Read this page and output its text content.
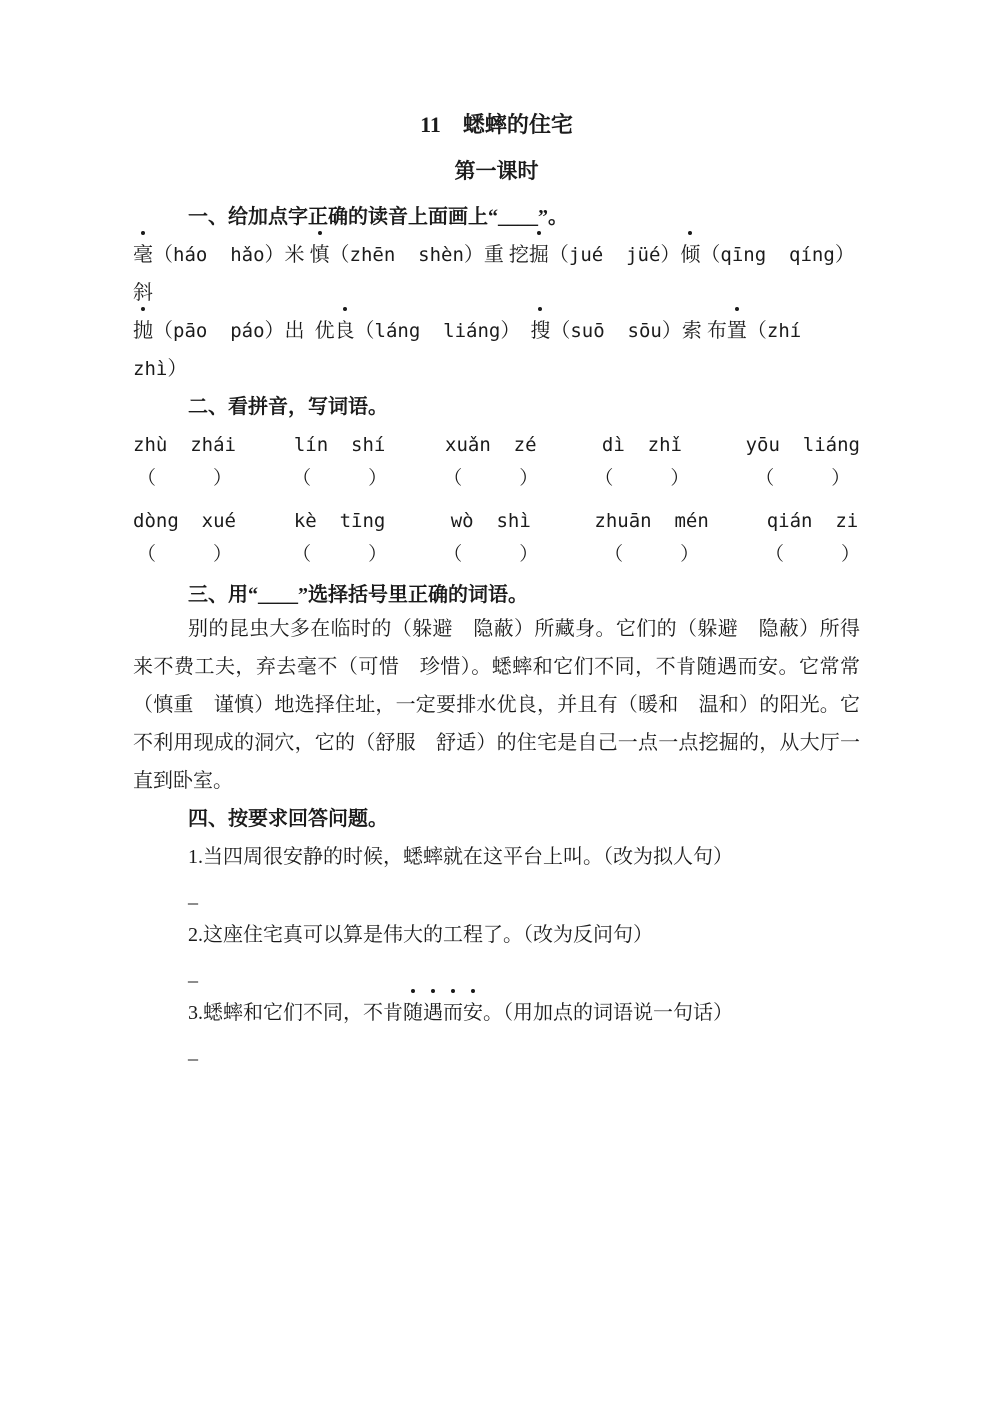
11　蟋蟀的住宅

第一课时

一、给加点字正确的读音上面画上“____”。

毫（háo  hǎo）米 慎（zhēn  shèn）重 挖掘（jué  jüé）倾（qīng  qíng）

斜

抛（pāo  páo）出  优良（láng  liáng）  搜（suō  sōu）索 布置（zhí

zhì）

二、看拼音，写词语。

zhù  zhái
（　　　）
lín  shí
（　　　）
xuǎn  zé
（　　　）
dì  zhǐ
（　　　）
yōu  liáng
（　　　）
dòng  xué
（　　　）
kè  tīng
（　　　）
wò  shì
（　　　）
zhuān  mén
（　　　）
qián  zi
（　　　）

三、用“____”选择括号里正确的词语。

别的昆虫大多在临时的（躲避　隐蔽）所藏身。它们的（躲避　隐蔽）所得来不费工夫，弃去毫不（可惜　珍惜）。蟋蟀和它们不同，不肯随遇而安。它常常（慎重　谨慎）地选择住址，一定要排水优良，并且有（暖和　温和）的阳光。它不利用现成的洞穴，它的（舒服　舒适）的住宅是自己一点一点挖掘的，从大厅一直到卧室。

四、按要求回答问题。

1.当四周很安静的时候，蟋蟀就在这平台上叫。（改为拟人句）

_

2.这座住宅真可以算是伟大的工程了。（改为反问句）

_

3.蟋蟀和它们不同，不肯随遇而安。（用加点的词语说一句话）

_
